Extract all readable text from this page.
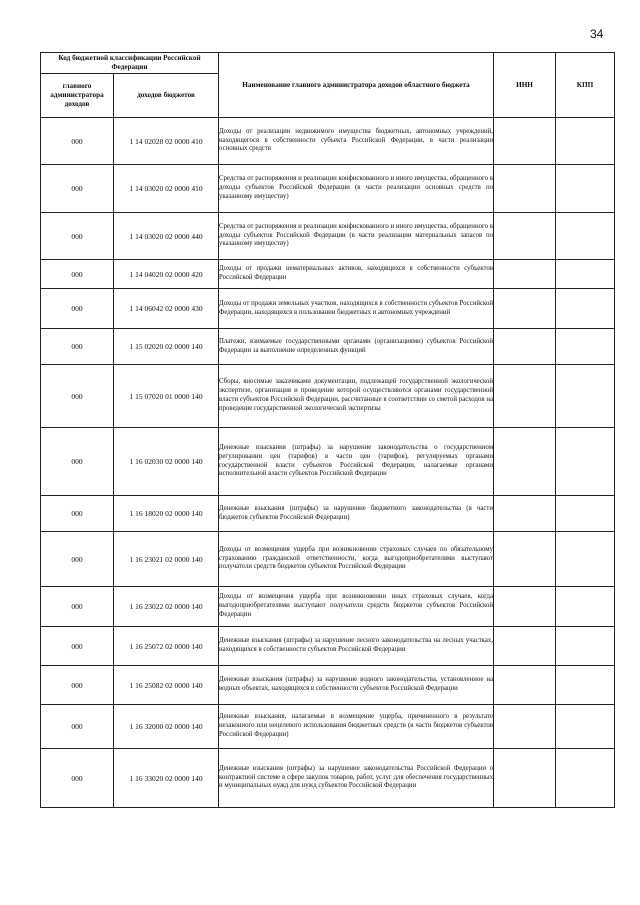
34
Код бюджетной классификации Российской Федерации		Наименование главного администратора доходов областного бюджета	ИНН	КПП
главного администратора доходов	доходов бюджетов			
000	1 14 02028 02 0000 410	Доходы от реализации недвижимого имущества бюджетных, автономных учреждений, находящегося в собственности субъекта Российской Федерации, в части реализации основных средств		
000	1 14 03020 02 0000 410	Средства от распоряжения и реализации конфискованного и иного имущества, обращенного в доходы субъектов Российской Федерации (в части реализации основных средств по указанному имуществу)		
000	1 14 03020 02 0000 440	Средства от распоряжения и реализации конфискованного и иного имущества, обращенного в доходы субъектов Российской Федерации (в части реализации материальных запасов по указанному имуществу)		
000	1 14 04020 02 0000 420	Доходы от продажи нематериальных активов, находящихся в собственности субъектов Российской Федерации		
000	1 14 06042 02 0000 430	Доходы от продажи земельных участков, находящихся в собственности субъектов Российской Федерации, находящихся в пользовании бюджетных и автономных учреждений		
000	1 15 02020 02 0000 140	Платежи, взимаемые государственными органами (организациями) субъектов Российской Федерации за выполнение определенных функций		
000	1 15 07020 01 0000 140	Сборы, вносимые заказчиками документации, подлежащей государственной экологической экспертизе, организация и проведение которой осуществляются органами государственной власти субъектов Российской Федерации, рассчитанные в соответствии со сметой расходов на проведение государственной экологической экспертизы		
000	1 16 02030 02 0000 140	Денежные взыскания (штрафы) за нарушение законодательства о государственном регулировании цен (тарифов) в части цен (тарифов), регулируемых органами государственной власти субъектов Российской Федерации, налагаемые органами исполнительной власти субъектов Российской Федерации		
000	1 16 18020 02 0000 140	Денежные взыскания (штрафы) за нарушение бюджетного законодательства (в части бюджетов субъектов Российской Федерации)		
000	1 16 23021 02 0000 140	Доходы от возмещения ущерба при возникновении страховых случаев по обязательному страхованию гражданской ответственности, когда выгодоприобретателями выступают получатели средств бюджетов субъектов Российской Федерации		
000	1 16 23022 02 0000 140	Доходы от возмещения ущерба при возникновении иных страховых случаев, когда выгодоприобретателями выступают получатели средств бюджетов субъектов Российской Федерации		
000	1 16 25072 02 0000 140	Денежные взыскания (штрафы) за нарушение лесного законодательства на лесных участках, находящихся в собственности субъектов Российской Федерации		
000	1 16 25082 02 0000 140	Денежные взыскания (штрафы) за нарушение водного законодательства, установленное на водных объектах, находящихся в собственности субъектов Российской Федерации		
000	1 16 32000 02 0000 140	Денежные взыскания, налагаемые в возмещение ущерба, причиненного в результате незаконного или нецелевого использования бюджетных средств (в части бюджетов субъектов Российской Федерации)		
000	1 16 33020 02 0000 140	Денежные взыскания (штрафы) за нарушение законодательства Российской Федерации о контрактной системе в сфере закупок товаров, работ, услуг для обеспечения государственных и муниципальных нужд для нужд субъектов Российской Федерации		
